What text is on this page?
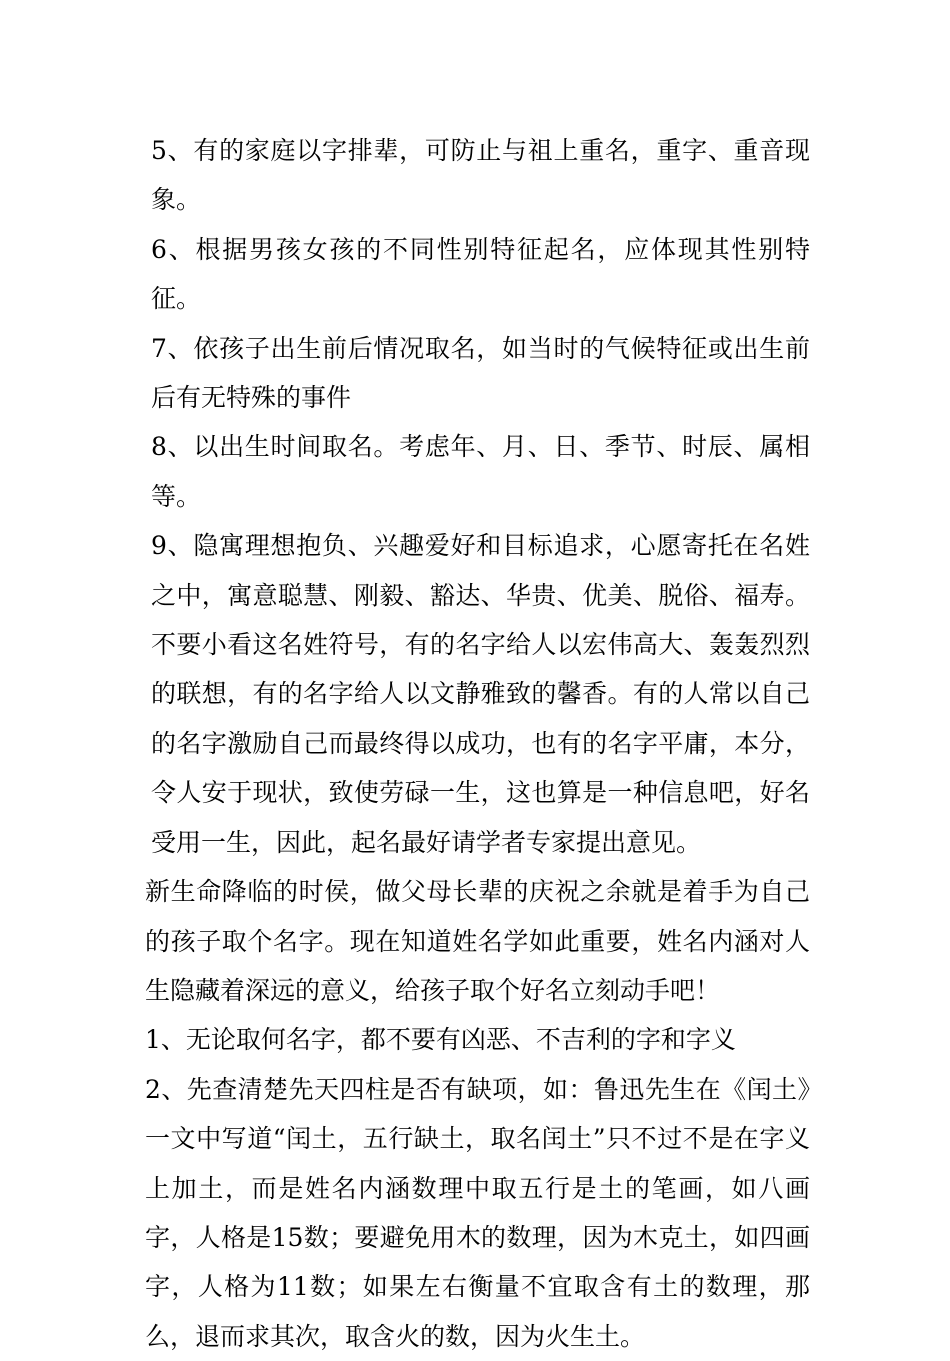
5、有的家庭以字排辈，可防止与祖上重名，重字、重音现象。

6、根据男孩女孩的不同性别特征起名，应体现其性别特征。

7、依孩子出生前后情况取名，如当时的气候特征或出生前后有无特殊的事件

8、以出生时间取名。考虑年、月、日、季节、时辰、属相等。

9、隐寓理想抱负、兴趣爱好和目标追求，心愿寄托在名姓之中，寓意聪慧、刚毅、豁达、华贵、优美、脱俗、福寿。不要小看这名姓符号，有的名字给人以宏伟高大、轰轰烈烈的联想，有的名字给人以文静雅致的馨香。有的人常以自己的名字激励自己而最终得以成功，也有的名字平庸，本分，令人安于现状，致使劳碌一生，这也算是一种信息吧，好名受用一生，因此，起名最好请学者专家提出意见。

新生命降临的时侯，做父母长辈的庆祝之余就是着手为自己的孩子取个名字。现在知道姓名学如此重要，姓名内涵对人生隐藏着深远的意义，给孩子取个好名立刻动手吧！

1、无论取何名字，都不要有凶恶、不吉利的字和字义

2、先查清楚先天四柱是否有缺项，如：鲁迅先生在《闰土》一文中写道“闰土，五行缺土，取名闰土”只不过不是在字义上加土，而是姓名内涵数理中取五行是土的笔画，如八画字，人格是15数；要避免用木的数理，因为木克土，如四画字，人格为11数；如果左右衡量不宜取含有土的数理，那么，退而求其次，取含火的数，因为火生土。
